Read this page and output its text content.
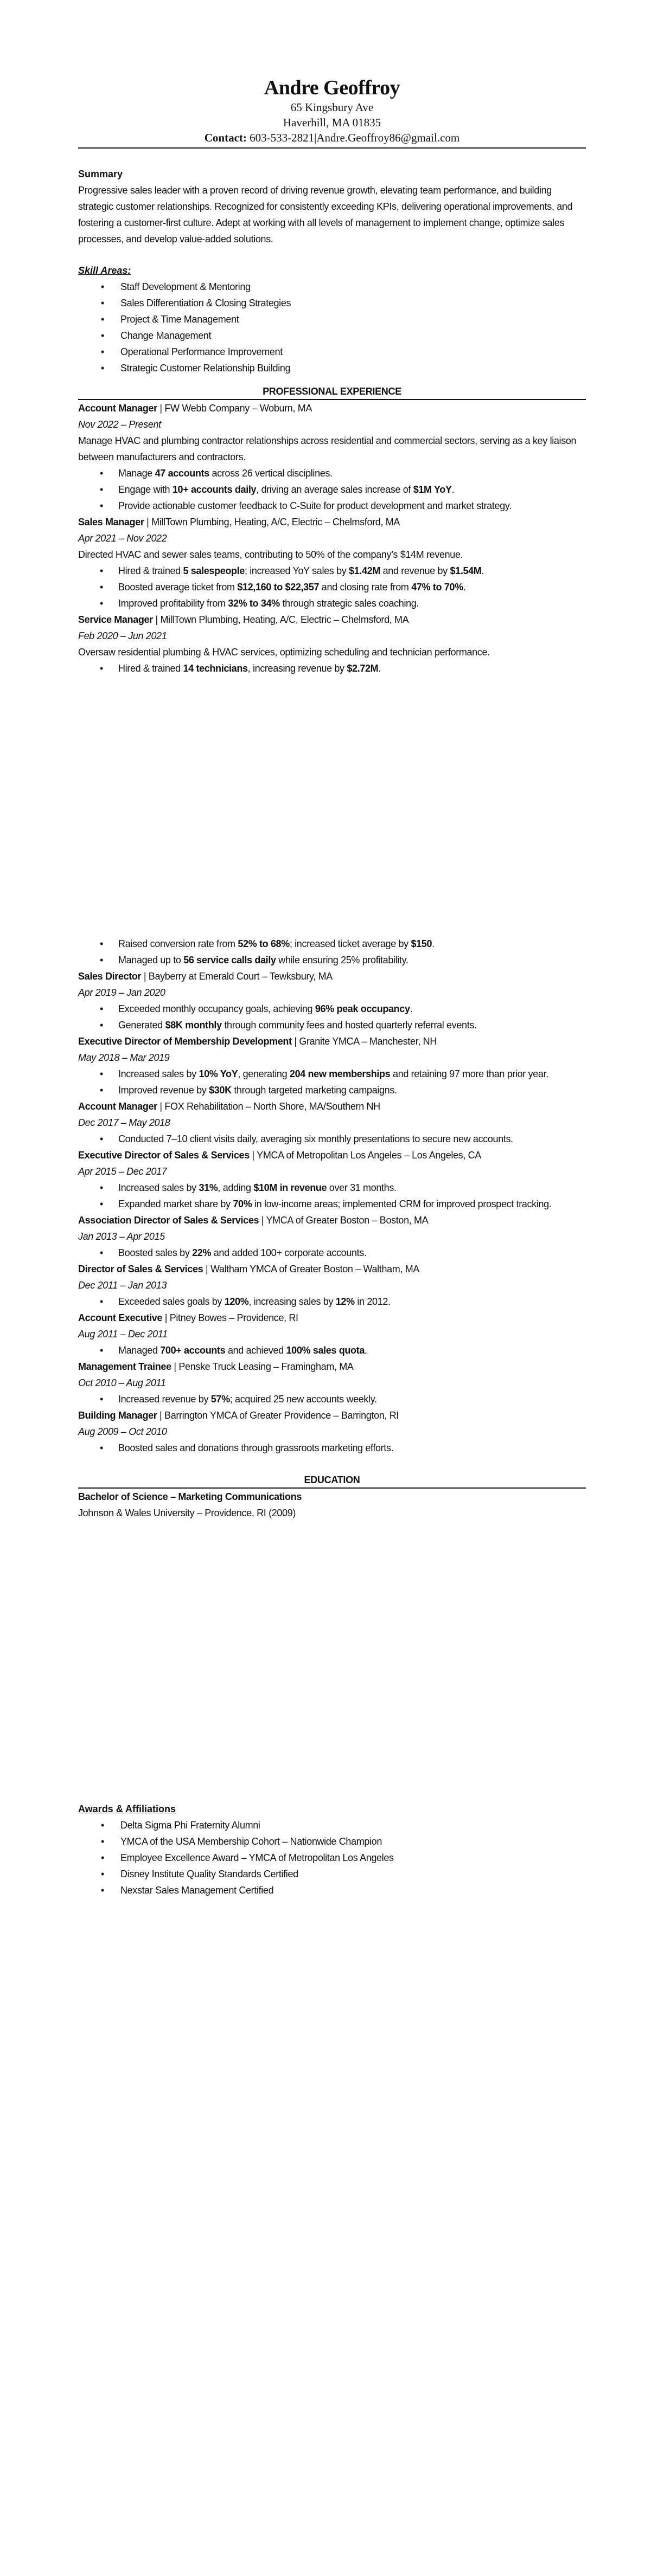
Andre Geoffroy
65 Kingsbury Ave
Haverhill, MA 01835
Contact: 603-533-2821|Andre.Geoffroy86@gmail.com
Summary
Progressive sales leader with a proven record of driving revenue growth, elevating team performance, and building strategic customer relationships. Recognized for consistently exceeding KPIs, delivering operational improvements, and fostering a customer-first culture. Adept at working with all levels of management to implement change, optimize sales processes, and develop value-added solutions.
Skill Areas:
• Staff Development & Mentoring
• Sales Differentiation & Closing Strategies
• Project & Time Management
• Change Management
• Operational Performance Improvement
• Strategic Customer Relationship Building
PROFESSIONAL EXPERIENCE
Account Manager | FW Webb Company – Woburn, MA
Nov 2022 – Present
Manage HVAC and plumbing contractor relationships across residential and commercial sectors, serving as a key liaison between manufacturers and contractors.
• Manage 47 accounts across 26 vertical disciplines.
• Engage with 10+ accounts daily, driving an average sales increase of $1M YoY.
• Provide actionable customer feedback to C-Suite for product development and market strategy.
Sales Manager | MillTown Plumbing, Heating, A/C, Electric – Chelmsford, MA
Apr 2021 – Nov 2022
Directed HVAC and sewer sales teams, contributing to 50% of the company’s $14M revenue.
• Hired & trained 5 salespeople; increased YoY sales by $1.42M and revenue by $1.54M.
• Boosted average ticket from $12,160 to $22,357 and closing rate from 47% to 70%.
• Improved profitability from 32% to 34% through strategic sales coaching.
Service Manager | MillTown Plumbing, Heating, A/C, Electric – Chelmsford, MA
Feb 2020 – Jun 2021
Oversaw residential plumbing & HVAC services, optimizing scheduling and technician performance.
• Hired & trained 14 technicians, increasing revenue by $2.72M.
• Raised conversion rate from 52% to 68%; increased ticket average by $150.
• Managed up to 56 service calls daily while ensuring 25% profitability.
Sales Director | Bayberry at Emerald Court – Tewksbury, MA
Apr 2019 – Jan 2020
• Exceeded monthly occupancy goals, achieving 96% peak occupancy.
• Generated $8K monthly through community fees and hosted quarterly referral events.
Executive Director of Membership Development | Granite YMCA – Manchester, NH
May 2018 – Mar 2019
• Increased sales by 10% YoY, generating 204 new memberships and retaining 97 more than prior year.
• Improved revenue by $30K through targeted marketing campaigns.
Account Manager | FOX Rehabilitation – North Shore, MA/Southern NH
Dec 2017 – May 2018
• Conducted 7–10 client visits daily, averaging six monthly presentations to secure new accounts.
Executive Director of Sales & Services | YMCA of Metropolitan Los Angeles – Los Angeles, CA
Apr 2015 – Dec 2017
• Increased sales by 31%, adding $10M in revenue over 31 months.
• Expanded market share by 70% in low-income areas; implemented CRM for improved prospect tracking.
Association Director of Sales & Services | YMCA of Greater Boston – Boston, MA
Jan 2013 – Apr 2015
• Boosted sales by 22% and added 100+ corporate accounts.
Director of Sales & Services | Waltham YMCA of Greater Boston – Waltham, MA
Dec 2011 – Jan 2013
• Exceeded sales goals by 120%, increasing sales by 12% in 2012.
Account Executive | Pitney Bowes – Providence, RI
Aug 2011 – Dec 2011
• Managed 700+ accounts and achieved 100% sales quota.
Management Trainee | Penske Truck Leasing – Framingham, MA
Oct 2010 – Aug 2011
• Increased revenue by 57%; acquired 25 new accounts weekly.
Building Manager | Barrington YMCA of Greater Providence – Barrington, RI
Aug 2009 – Oct 2010
• Boosted sales and donations through grassroots marketing efforts.
EDUCATION
Bachelor of Science – Marketing Communications
Johnson & Wales University – Providence, RI (2009)
Awards & Affiliations
• Delta Sigma Phi Fraternity Alumni
• YMCA of the USA Membership Cohort – Nationwide Champion
• Employee Excellence Award – YMCA of Metropolitan Los Angeles
• Disney Institute Quality Standards Certified
• Nexstar Sales Management Certified
